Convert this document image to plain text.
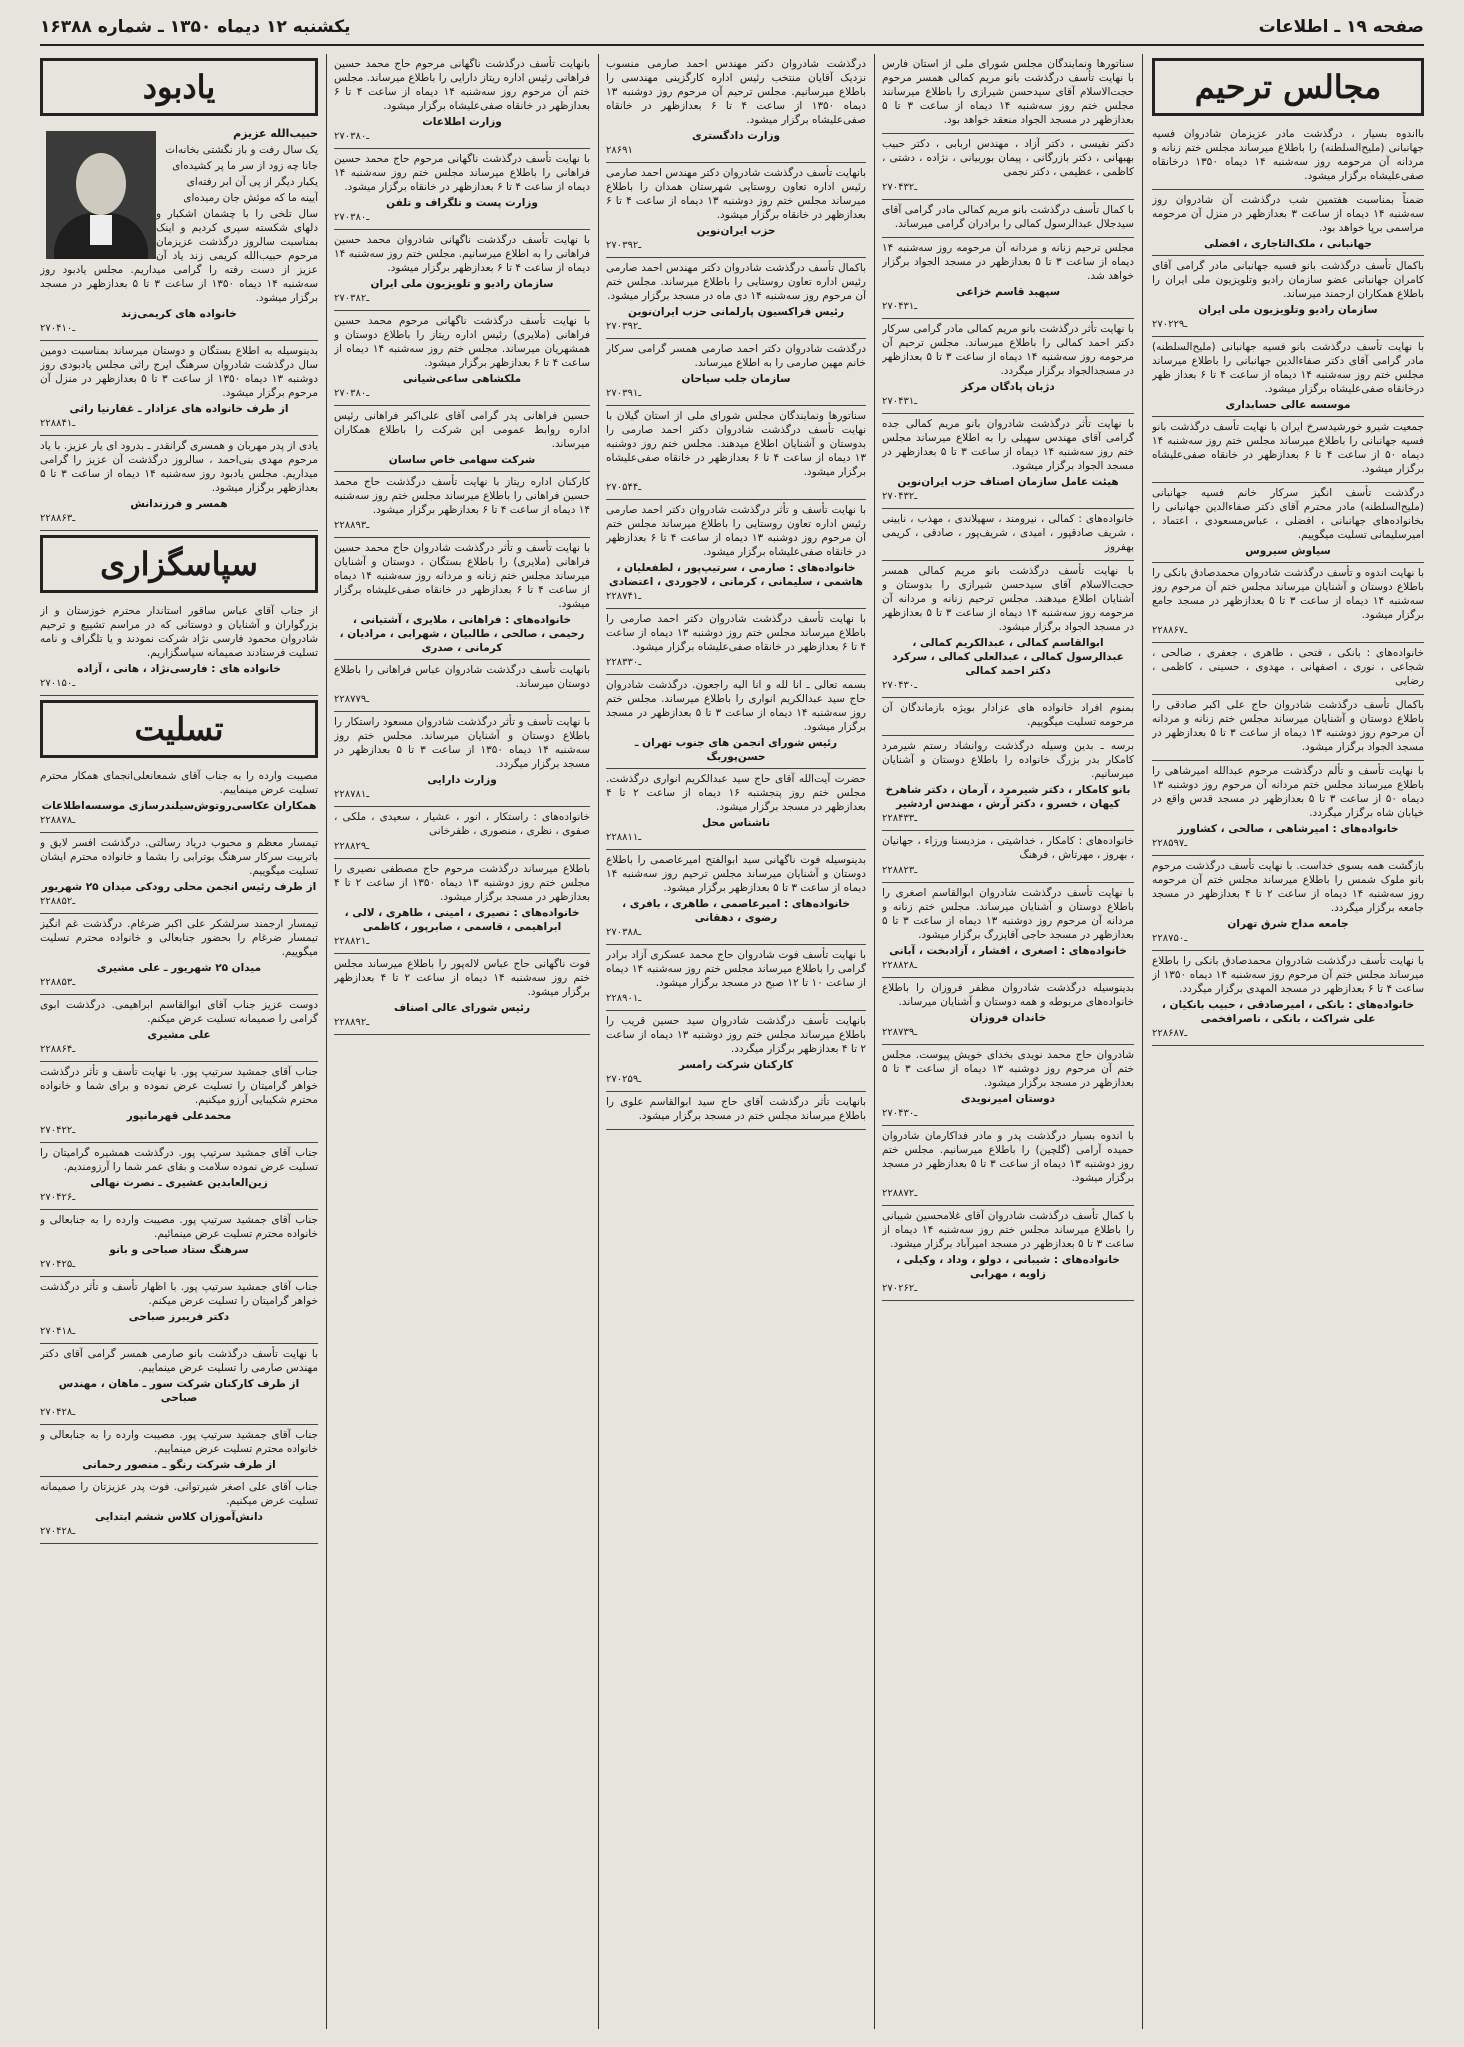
صفحه ۱۹ ـ اطلاعات
یکشنبه ۱۲ دیماه ۱۳۵۰ ـ شماره ۱۶۳۸۸
مجالس ترحیم

بااندوه بسیار ، درگذشت مادر عزیزمان شادروان فسیه جهانبانی (ملیح‌السلطنه) را باطلاع میرساند مجلس ختم زنانه و مردانه آن مرحومه روز سه‌شنبه ۱۴ دیماه ۱۳۵۰ درخانقاه صفی‌علیشاه برگزار میشود.

ضمناً بمناسبت هفتمین شب درگذشت آن شادروان روز سه‌شنبه ۱۴ دیماه از ساعت ۳ بعدازظهر در منزل آن مرحومه مراسمی برپا خواهد بود.

جهانبانی ، ملک‌التاجاری ، افضلی

باکمال تأسف درگذشت بانو فسیه جهانبانی مادر گرامی آقای کامران جهانبانی عضو سازمان رادیو وتلویزیون ملی ایران را باطلاع همکاران ارجمند میرساند.

سازمان رادیو وتلویزیون ملی ایران
۲ـ۷۰۲۲۹

با نهایت تأسف درگذشت بانو فسیه جهانبانی (ملیح‌السلطنه) مادر گرامی آقای دکتر صفاءالدین جهانبانی را باطلاع میرساند مجلس ختم روز سه‌شنبه ۱۴ دیماه از ساعت ۴ تا ۶ بعداز ظهر درخانقاه صفی‌علیشاه برگزار میشود.

موسسه عالی حسابداری

جمعیت شیرو خورشیدسرخ ایران با نهایت تأسف درگذشت بانو فسیه جهانبانی را باطلاع میرساند مجلس ختم روز سه‌شنبه ۱۴ دیماه ۵۰ از ساعت ۴ تا ۶ بعدازظهر در خانقاه صفی‌علیشاه برگزار میشود.

درگذشت تأسف انگیز سرکار خانم فسیه جهانبانی (ملیح‌السلطنه) مادر محترم آقای دکتر صفاءالدین جهانبانی را بخانواده‌های جهانبانی ، افضلی ، عباس‌مسعودی ، اعتماد ، امیرسلیمانی تسلیت میگوییم.

سیاوش سیروس

با نهایت اندوه و تأسف درگذشت شادروان محمدصادق بانکی را باطلاع دوستان و آشنایان میرساند مجلس ختم آن مرحوم روز سه‌شنبه ۱۴ دیماه از ساعت ۳ تا ۵ بعدازظهر در مسجد جامع برگزار میشود.

۲ـ۲۸۸۶۷

خانواده‌های : بانکی ، فتحی ، طاهری ، جعفری ، صالحی ، شجاعی ، نوری ، اصفهانی ، مهدوی ، حسینی ، کاظمی ، رضایی

باکمال تأسف درگذشت شادروان حاج علی اکبر صادقی را باطلاع دوستان و آشنایان میرساند مجلس ختم زنانه و مردانه آن مرحوم روز دوشنبه ۱۳ دیماه از ساعت ۳ تا ۵ بعدازظهر در مسجد الجواد برگزار میشود.

با نهایت تأسف و تألم درگذشت مرحوم عبدالله امیرشاهی را باطلاع میرساند مجلس ختم مردانه آن مرحوم روز دوشنبه ۱۳ دیماه ۵۰ از ساعت ۳ تا ۵ بعدازظهر در مسجد قدس واقع در خیابان شاه برگزار میگردد.

خانواده‌های : امیرشاهی ، صالحی ، کشاورز
۲ـ۲۸۵۹۷

بازگشت همه بسوی خداست. با نهایت تأسف درگذشت مرحوم بانو ملوک شمس را باطلاع میرساند مجلس ختم آن مرحومه روز سه‌شنبه ۱۴ دیماه از ساعت ۲ تا ۴ بعدازظهر در مسجد جامعه برگزار میگردد.

جامعه مداح شرق تهران
۲ـ۲۸۷۵۰

با نهایت تأسف درگذشت شادروان محمدصادق بانکی را باطلاع میرساند مجلس ختم آن مرحوم روز سه‌شنبه ۱۴ دیماه ۱۳۵۰ از ساعت ۴ تا ۶ بعدازظهر در مسجد المهدی برگزار میگردد.

خانواده‌های : بانکی ، امیرصادقی ، حبیب بانکیان ، علی شراکت ، بانکی ، ناصرافخمی
۲ـ۲۸۶۸۷

سناتورها ونمایندگان مجلس شورای ملی از استان فارس با نهایت تأسف درگذشت بانو مریم کمالی همسر مرحوم حجت‌الاسلام آقای سیدحسن شیرازی را باطلاع میرسانند مجلس ختم روز سه‌شنبه ۱۴ دیماه از ساعت ۳ تا ۵ بعدازظهر در مسجد الجواد منعقد خواهد بود.

دکتر نفیسی ، دکتر آزاد ، مهندس اربابی ، دکتر حبیب بهبهانی ، دکتر بازرگانی ، پیمان بوربیانی ، نژاده ، دشتی ، کاظمی ، عظیمی ، دکتر نجمی

۲ـ۷۰۴۳۲

با کمال تأسف درگذشت بانو مریم کمالی مادر گرامی آقای سیدجلال عبدالرسول کمالی را برادران گرامی میرساند.

مجلس ترحیم زنانه و مردانه آن مرحومه روز سه‌شنبه ۱۴ دیماه از ساعت ۳ تا ۵ بعدازظهر در مسجد الجواد برگزار خواهد شد.

سپهبد قاسم خزاعی
۲ـ۷۰۴۳۱

با نهایت تأثر درگذشت بانو مریم کمالی مادر گرامی سرکار دکتر احمد کمالی را باطلاع میرساند. مجلس ترحیم آن مرحومه روز سه‌شنبه ۱۴ دیماه از ساعت ۳ تا ۵ بعدازظهر در مسجدالجواد برگزار میگردد.

دژبان پادگان مرکز
۲ـ۷۰۴۳۱

با نهایت تأثر درگذشت شادروان بانو مریم کمالی جده گرامی آقای مهندس سهیلی را به اطلاع میرساند مجلس ختم روز سه‌شنبه ۱۴ دیماه از ساعت ۳ تا ۵ بعدازظهر در مسجد الجواد برگزار میشود.

هیئت عامل سازمان اصناف حزب ایران‌نوین
۲ـ۷۰۴۳۲

خانواده‌های : کمالی ، نیرومند ، سهیلاندی ، مهذب ، نایینی ، شریف صادقپور ، امیدی ، شریف‌پور ، صادقی ، کریمی بهفروز

با نهایت تأسف درگذشت بانو مریم کمالی همسر حجت‌الاسلام آقای سیدحسن شیرازی را بدوستان و آشنایان اطلاع میدهند. مجلس ترحیم زنانه و مردانه آن مرحومه روز سه‌شنبه ۱۴ دیماه از ساعت ۳ تا ۵ بعدازظهر در مسجد الجواد برگزار میشود.

ابوالقاسم کمالی ، عبدالکریم کمالی ، عبدالرسول کمالی ، عبدالعلی کمالی ، سرکرد دکتر احمد کمالی
۲ـ۷۰۴۳۰

بمنوم افراد خانواده های عزادار بویژه بازماندگان آن مرحومه تسلیت میگوییم.

برسه ـ بدین وسیله درگذشت روانشاد رستم شیرمرد کامکار بدر بزرگ خانواده را باطلاع دوستان و آشنایان میرسانیم.

بانو کامکار ، دکتر شیرمرد ، آرمان ، دکتر شاهرخ کیهان ، خسرو ، دکتر آرش ، مهندس اردشیر
۲ـ۲۸۴۳۳

خانواده‌های : کامکار ، خداشیتی ، مزدیسنا ورزاء ، جهانیان ، بهروز ، مهرتاش ، فرهنگ

۲ـ۲۸۸۲۳

با نهایت تأسف درگذشت شادروان ابوالقاسم اصغری را باطلاع دوستان و آشنایان میرساند. مجلس ختم زنانه و مردانه آن مرحوم روز دوشنبه ۱۳ دیماه از ساعت ۳ تا ۵ بعدازظهر در مسجد حاجی آقاپزرگ برگزار میشود.

خانواده‌های : اصغری ، افشار ، آزادبخت ، آبانی
۲ـ۲۸۸۲۸

بدینوسیله درگذشت شادروان مظفر فروزان را باطلاع خانواده‌های مربوطه و همه دوستان و آشنایان میرساند.

خاندان فروزان
۲ـ۲۸۷۳۹

شادروان حاج محمد نویدی بخدای خویش پیوست. مجلس ختم آن مرحوم روز دوشنبه ۱۳ دیماه از ساعت ۳ تا ۵ بعدازظهر در مسجد برگزار میشود.

دوستان امیرنویدی
۲ـ۷۰۴۳۰

با اندوه بسیار درگذشت پدر و مادر فداکارمان شادروان حمیده آرامی (گلچین) را باطلاع میرسانیم. مجلس ختم روز دوشنبه ۱۳ دیماه از ساعت ۳ تا ۵ بعدازظهر در مسجد برگزار میشود.

۲ـ۲۸۸۷۲

با کمال تأسف درگذشت شادروان آقای غلامحسین شیبانی را باطلاع میرساند مجلس ختم روز سه‌شنبه ۱۴ دیماه از ساعت ۳ تا ۵ بعدازظهر در مسجد امیرآباد برگزار میشود.

خانواده‌های : شیبانی ، دولو ، وداد ، وکیلی ، زاویه ، مهرابی
۲ـ۷۰۲۶۲

درگذشت شادروان دکتر مهندس احمد صارمی منسوب نزدیک آقایان منتخب رئیس اداره کارگزینی مهندسی را باطلاع میرسانیم. مجلس ترحیم آن مرحوم روز دوشنبه ۱۳ دیماه ۱۳۵۰ از ساعت ۴ تا ۶ بعدازظهر در خانقاه صفی‌علیشاه برگزار میشود.

وزارت دادگستری
۲۸۶۹۱

بانهایت تأسف درگذشت شادروان دکتر مهندس احمد صارمی رئیس اداره تعاون روستایی شهرستان همدان را باطلاع میرساند مجلس ختم روز دوشنبه ۱۳ دیماه از ساعت ۴ تا ۶ بعدازظهر در خانقاه برگزار میشود.

حزب ایران‌نوین
۲ـ۷۰۳۹۲

باکمال تأسف درگذشت شادروان دکتر مهندس احمد صارمی رئیس اداره تعاون روستایی را باطلاع میرساند. مجلس ختم آن مرحوم روز سه‌شنبه ۱۴ دی ماه در مسجد برگزار میشود.

رئیس فراکسیون پارلمانی حزب ایران‌نوین
۲ـ۷۰۳۹۲

درگذشت شادروان دکتر احمد صارمی همسر گرامی سرکار خانم مهین صارمی را به اطلاع میرساند.

سازمان جلب سیاحان
۲ـ۷۰۳۹۱

سناتورها ونمایندگان مجلس شورای ملی از استان گیلان با نهایت تأسف درگذشت شادروان دکتر احمد صارمی را بدوستان و آشنایان اطلاع میدهند. مجلس ختم روز دوشنبه ۱۳ دیماه از ساعت ۴ تا ۶ بعدازظهر در خانقاه صفی‌علیشاه برگزار میشود.

۲ـ۷۰۵۴۴

با نهایت تأسف و تأثر درگذشت شادروان دکتر احمد صارمی رئیس اداره تعاون روستایی را باطلاع میرساند مجلس ختم آن مرحوم روز دوشنبه ۱۳ دیماه از ساعت ۴ تا ۶ بعدازظهر در خانقاه صفی‌علیشاه برگزار میشود.

خانواده‌های : صارمی ، سرتیپ‌پور ، لطفعلیان ، هاشمی ، سلیمانی ، کرمانی ، لاجوردی ، اعتضادی
۲ـ۲۸۷۴۱

با نهایت تأسف درگذشت شادروان دکتر احمد صارمی را باطلاع میرساند مجلس ختم روز دوشنبه ۱۳ دیماه از ساعت ۴ تا ۶ بعدازظهر در خانقاه صفی‌علیشاه برگزار میشود.

۲ـ۲۸۳۳۰

بسمه تعالی ـ انا لله و انا الیه راجعون. درگذشت شادروان حاج سید عبدالکریم انواری را باطلاع میرساند. مجلس ختم روز سه‌شنبه ۱۴ دیماه از ساعت ۳ تا ۵ بعدازظهر در مسجد برگزار میشود.

رئیس شورای انجمن های جنوب تهران ـ حسن‌پوربگ

حضرت آیت‌الله آقای حاج سید عبدالکریم انواری درگذشت. مجلس ختم روز پنجشنبه ۱۶ دیماه از ساعت ۲ تا ۴ بعدازظهر در مسجد برگزار میشود.

ناشناس محل
۲ـ۲۸۸۱۱

بدینوسیله فوت ناگهانی سید ابوالفتح امیرعاصمی را باطلاع دوستان و آشنایان میرساند مجلس ترحیم روز سه‌شنبه ۱۴ دیماه از ساعت ۳ تا ۵ بعدازظهر برگزار میشود.

خانواده‌های : امیرعاصمی ، طاهری ، بافری ، رضوی ، دهقانی
۲ـ۷۰۳۸۸

با نهایت تأسف فوت شادروان حاج محمد عسکری آزاد برادر گرامی را باطلاع میرساند مجلس ختم روز سه‌شنبه ۱۴ دیماه از ساعت ۱۰ تا ۱۲ صبح در مسجد برگزار میشود.

۲ـ۲۸۹۰۱

بانهایت تأسف درگذشت شادروان سید حسین قریب را باطلاع میرساند مجلس ختم روز دوشنبه ۱۳ دیماه از ساعت ۲ تا ۴ بعدازظهر برگزار میگردد.

کارکنان شرکت رامسر
۲ـ۷۰۲۵۹

بانهایت تأثر درگذشت آقای حاج سید ابوالقاسم علوی را باطلاع میرساند مجلس ختم در مسجد برگزار میشود.

بانهایت تأسف درگذشت ناگهانی مرحوم حاج محمد حسین فراهانی رئیس اداره ریتاز دارایی را باطلاع میرساند. مجلس ختم آن مرحوم روز سه‌شنبه ۱۴ دیماه از ساعت ۴ تا ۶ بعدازظهر در خانقاه صفی‌علیشاه برگزار میشود.

وزارت اطلاعات
۲ـ۷۰۳۸۰

با نهایت تأسف درگذشت ناگهانی مرحوم حاج محمد حسین فراهانی را باطلاع میرساند مجلس ختم روز سه‌شنبه ۱۴ دیماه از ساعت ۴ تا ۶ بعدازظهر در خانقاه برگزار میشود.

وزارت پست و تلگراف و تلفن
۲ـ۷۰۳۸۰

با نهایت تأسف درگذشت ناگهانی شادروان محمد حسین فراهانی را به اطلاع میرسانیم. مجلس ختم روز سه‌شنبه ۱۴ دیماه از ساعت ۴ تا ۶ بعدازظهر برگزار میشود.

سازمان رادیو و تلویزیون ملی ایران
۲ـ۷۰۳۸۲

با نهایت تأسف درگذشت ناگهانی مرحوم محمد حسین فراهانی (ملایری) رئیس اداره ریتاز را باطلاع دوستان و همشهریان میرساند. مجلس ختم روز سه‌شنبه ۱۴ دیماه از ساعت ۴ تا ۶ بعدازظهر برگزار میشود.

ملکشاهی ساعی‌شیانی
۲ـ۷۰۳۸۰

حسین فراهانی پدر گرامی آقای علی‌اکبر فراهانی رئیس اداره روابط عمومی این شرکت را باطلاع همکاران میرساند.

شرکت سهامی خاص ساسان

کارکنان اداره ریتاز با نهایت تأسف درگذشت حاج محمد حسین فراهانی را باطلاع میرساند مجلس ختم روز سه‌شنبه ۱۴ دیماه از ساعت ۴ تا ۶ بعدازظهر برگزار میشود.

۲ـ۲۸۸۹۳

با نهایت تأسف و تأثر درگذشت شادروان حاج محمد حسین فراهانی (ملایری) را باطلاع بستگان ، دوستان و آشنایان میرساند مجلس ختم زنانه و مردانه روز سه‌شنبه ۱۴ دیماه از ساعت ۴ تا ۶ بعدازظهر در خانقاه صفی‌علیشاه برگزار میشود.

خانواده‌های : فراهانی ، ملایری ، آشتیانی ، رحیمی ، صالحی ، طالبیان ، شهرابی ، مرادیان ، کرمانی ، صدری

بانهایت تأسف درگذشت شادروان عباس فراهانی را باطلاع دوستان میرساند.

۲ـ۲۸۷۷۹

با نهایت تأسف و تأثر درگذشت شادروان مسعود راستکار را باطلاع دوستان و آشنایان میرساند. مجلس ختم روز سه‌شنبه ۱۴ دیماه ۱۳۵۰ از ساعت ۳ تا ۵ بعدازظهر در مسجد برگزار میگردد.

وزارت دارایی
۲ـ۲۸۷۸۱

خانواده‌های : راستکار ، انور ، عشیار ، سعیدی ، ملکی ، صفوی ، نظری ، منصوری ، ظفرخانی

۲ـ۲۸۸۲۹

باطلاع میرساند درگذشت مرحوم حاج مصطفی نصیری را مجلس ختم روز دوشنبه ۱۳ دیماه ۱۳۵۰ از ساعت ۲ تا ۴ بعدازظهر در مسجد برگزار میشود.

خانواده‌های : نصیری ، امینی ، طاهری ، لالی ، ابراهیمی ، قاسمی ، صابرپور ، کاظمی
۲ـ۲۸۸۲۱

فوت ناگهانی حاج عباس لاله‌پور را باطلاع میرساند مجلس ختم روز سه‌شنبه ۱۴ دیماه از ساعت ۲ تا ۴ بعدازظهر برگزار میشود.

رئیس شورای عالی اصناف
۲ـ۲۸۸۹۲
یادبود

حبیب‌الله عزیزم

یک سال رفت و باز نگشتی بخانه‌ات

جانا چه زود از سر ما پر کشیده‌ای

یکبار دیگر از پی آن ابر رفته‌ای

آیینه ما که موئش جان رمیده‌ای

سال تلخی را با چشمان اشکبار و دلهای شکسته سپری کردیم و اینک بمناسبت سالروز درگذشت عزیزمان مرحوم حبیب‌الله کریمی زند یاد آن عزیز از دست رفته را گرامی میداریم. مجلس یادبود روز سه‌شنبه ۱۴ دیماه ۱۳۵۰ از ساعت ۳ تا ۵ بعدازظهر در مسجد برگزار میشود.

خانواده های کریمی‌زند
۲ـ۷۰۴۱۰

بدینوسیله به اطلاع بستگان و دوستان میرساند بمناسبت دومین سال درگذشت شادروان سرهنگ ایرج راثی مجلس یادبودی روز دوشنبه ۱۳ دیماه ۱۳۵۰ از ساعت ۳ تا ۵ بعدازظهر در منزل آن مرحوم برگزار میشود.

از طرف خانواده های عزادار ـ غفارنیا راثی
۲ـ۲۸۸۴۱

یادی از پدر مهربان و همسری گرانقدر ـ بدرود ای یار عزیز. با یاد مرحوم مهدی بنی‌احمد ، سالروز درگذشت آن عزیز را گرامی میداریم. مجلس یادبود روز سه‌شنبه ۱۴ دیماه از ساعت ۳ تا ۵ بعدازظهر برگزار میشود.

همسر و فرزندانش
۲ـ۲۸۸۶۳
سپاسگزاری

از جناب آقای عباس ساقور استاندار محترم خوزستان و از بزرگواران و آشنایان و دوستانی که در مراسم تشییع و ترحیم شادروان محمود فارسی نژاد شرکت نمودند و یا تلگراف و نامه تسلیت فرستادند صمیمانه سپاسگزاریم.

خانواده های : فارسی‌نژاد ، هانی ، آزاده
۲ـ۷۰۱۵۰
تسلیت

مصیبت وارده را به جناب آقای شمعانعلی‌انجمای همکار محترم تسلیت عرض مینماییم.

همکاران عکاسی‌روتوش‌سیلندرسازی موسسه‌اطلاعات
۲ـ۲۸۸۷۸

تیمسار معظم و محبوب دریاد رسالتی. درگذشت افسر لایق و باتربیت سرکار سرهنگ بوترابی را بشما و خانواده محترم ایشان تسلیت میگوییم.

از طرف رئیس انجمن محلی رودکی میدان ۲۵ شهریور
۲ـ۲۸۸۵۲

تیمسار ارجمند سرلشکر علی اکبر ضرغام. درگذشت غم انگیز تیمسار ضرغام را بحضور جنابعالی و خانواده محترم تسلیت میگوییم.

میدان ۲۵ شهریور ـ علی مشیری
۲ـ۲۸۸۵۳

دوست عزیز جناب آقای ابوالقاسم ابراهیمی. درگذشت ابوی گرامی را صمیمانه تسلیت عرض میکنم.

علی مشیری
۲ـ۲۸۸۶۴

جناب آقای جمشید سرتیپ پور. با نهایت تأسف و تأثر درگذشت خواهر گرامیتان را تسلیت عرض نموده و برای شما و خانواده محترم شکیبایی آرزو میکنیم.

محمدعلی قهرمانپور
۲ـ۷۰۴۲۲

جناب آقای جمشید سرتیپ پور. درگذشت همشیره گرامیتان را تسلیت عرض نموده سلامت و بقای عمر شما را آرزومندیم.

زین‌العابدین عشیری ـ نصرت نهالی
۲ـ۷۰۴۲۶

جناب آقای جمشید سرتیپ پور. مصیبت وارده را به جنابعالی و خانواده محترم تسلیت عرض مینمائیم.

سرهنگ ستاد صباحی و بانو
۲ـ۷۰۴۲۵

جناب آقای جمشید سرتیپ پور. با اظهار تأسف و تأثر درگذشت خواهر گرامیتان را تسلیت عرض میکنم.

دکتر فریبرز صباحی
۲ـ۷۰۴۱۸

با نهایت تأسف درگذشت بانو صارمی همسر گرامی آقای دکتر مهندس صارمی را تسلیت عرض مینماییم.

از طرف کارکنان شرکت سور ـ ماهان ، مهندس صباحی
۲ـ۷۰۴۲۸

جناب آقای جمشید سرتیپ پور. مصیبت وارده را به جنابعالی و خانواده محترم تسلیت عرض مینماییم.

از طرف شرکت رنگو ـ منصور رحمانی

جناب آقای علی اصغر شیرتوانی. فوت پدر عزیزتان را صمیمانه تسلیت عرض میکنیم.

دانش‌آموزان کلاس ششم ابتدایی
۲ـ۷۰۴۲۸
